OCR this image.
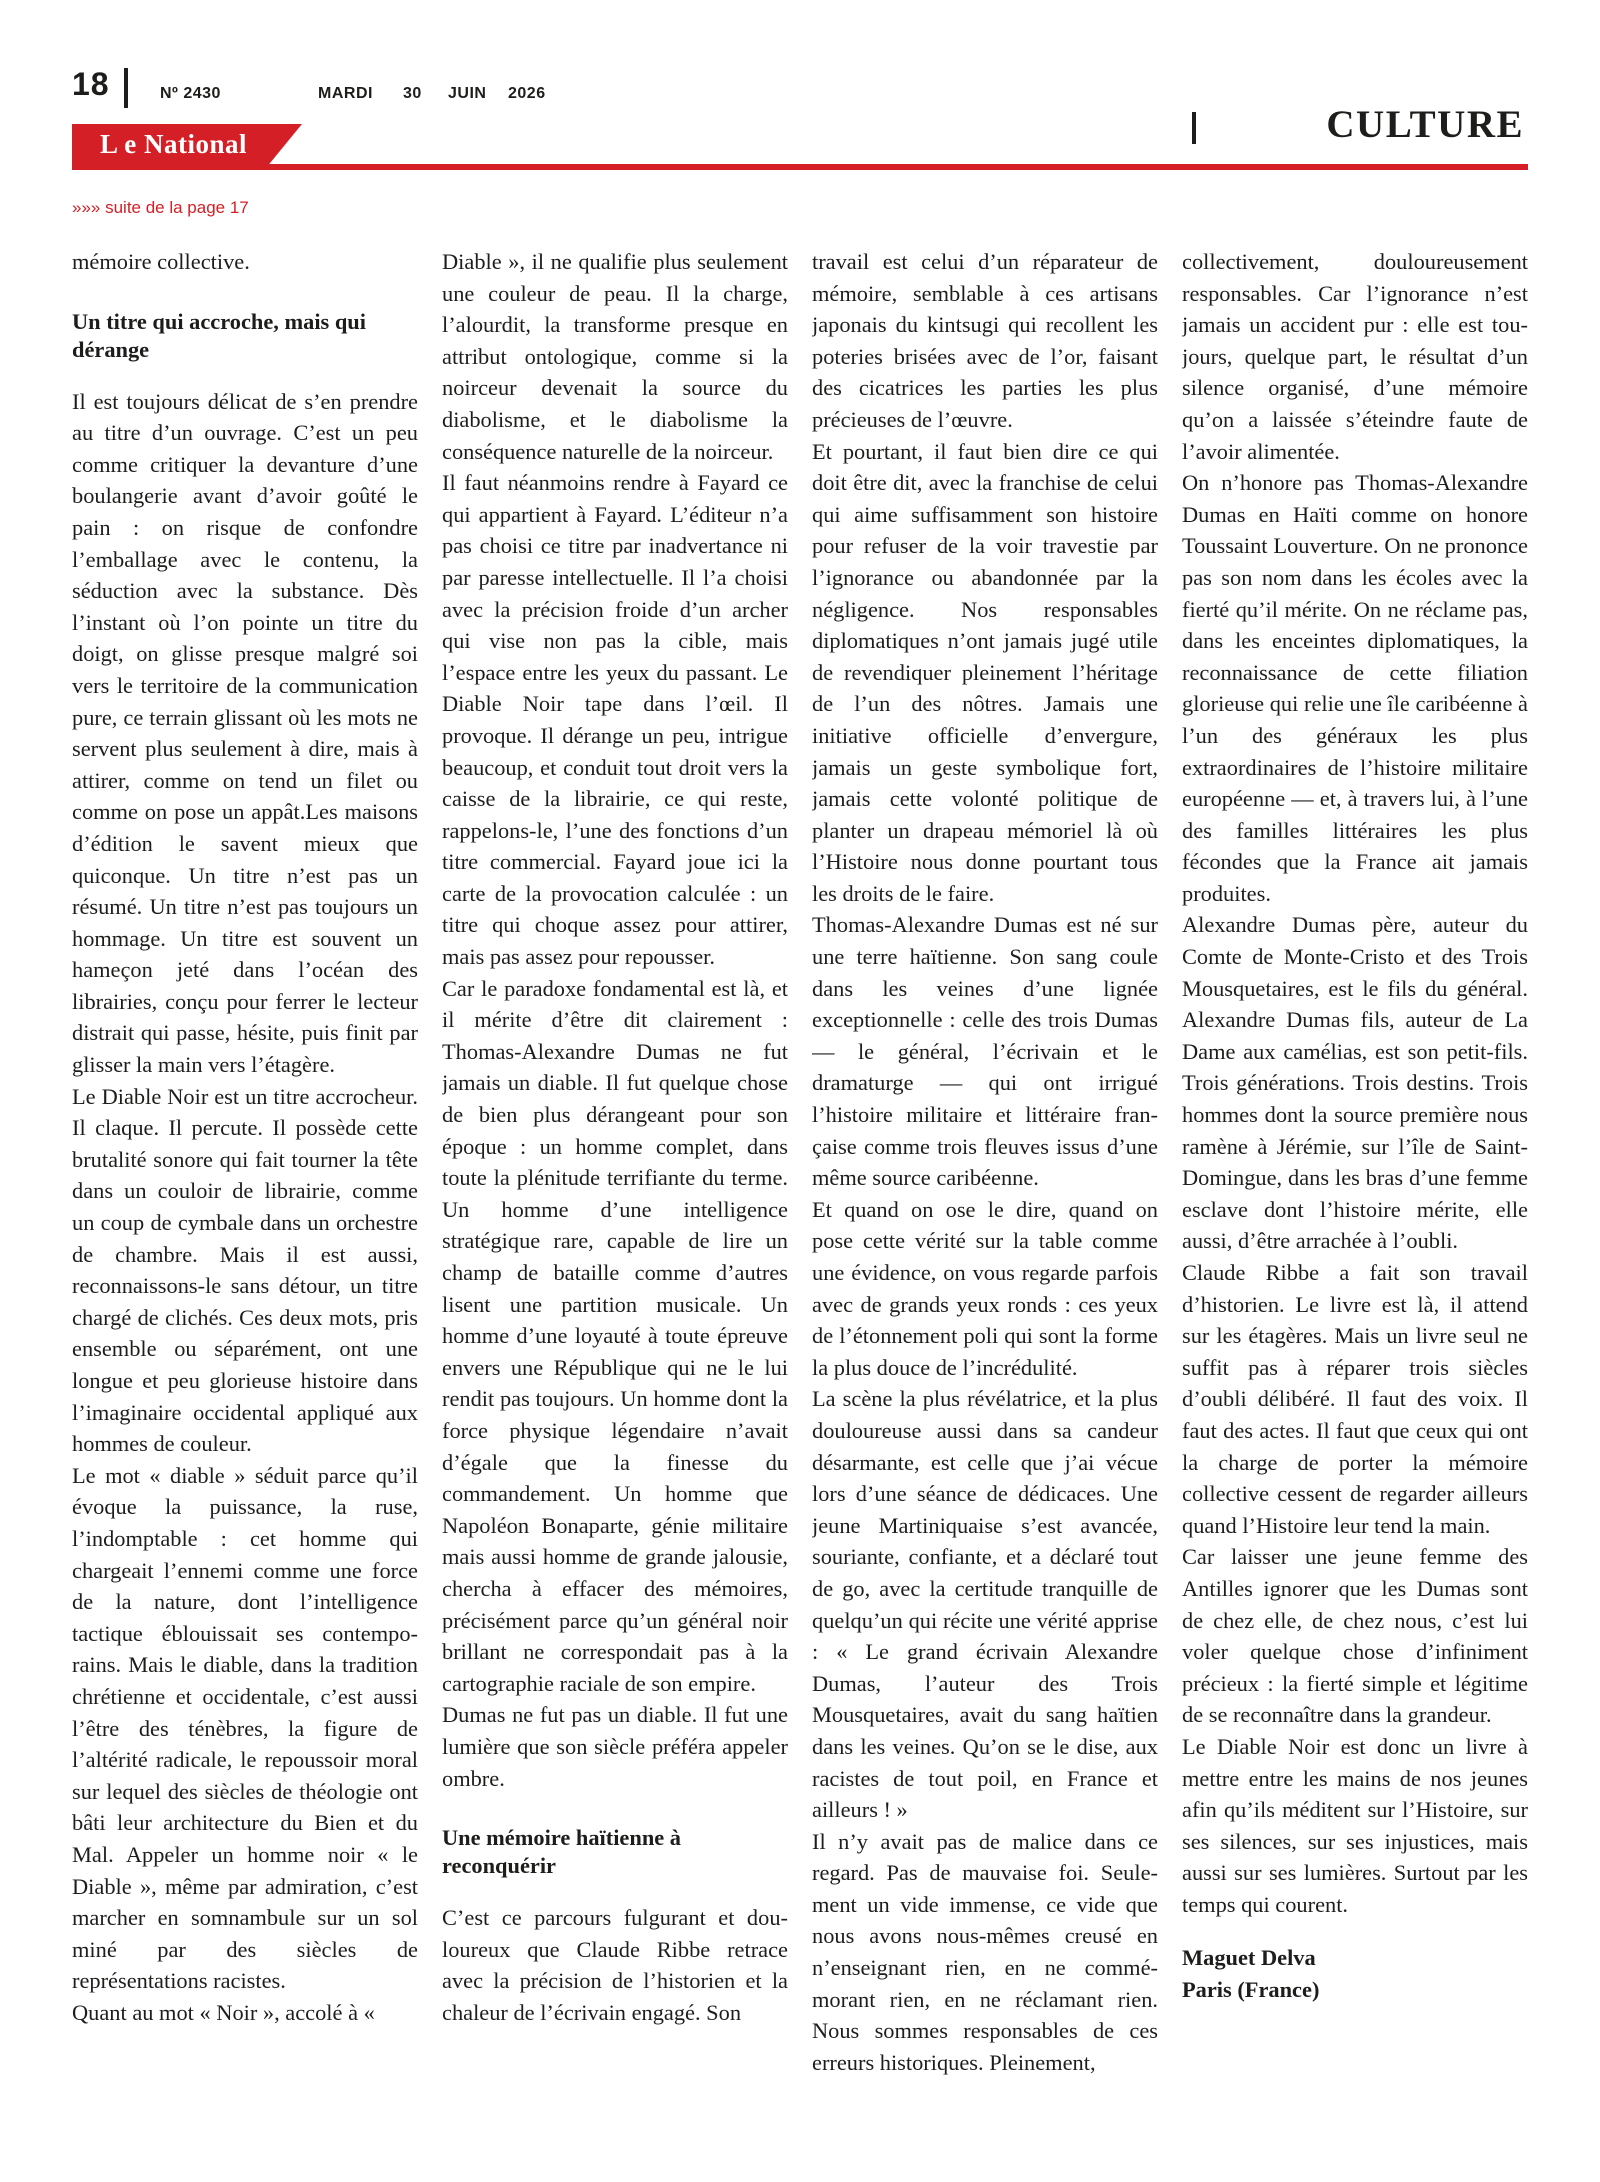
18	Nº 2430	MARDI 30 JUIN 2026
CULTURE
L e National
»»» suite de la page 17

mémoire collective.

Un titre qui accroche, mais qui dérange

Il est toujours délicat de s’en prendre au titre d’un ouvrage. C’est un peu comme critiquer la devanture d’une boulangerie avant d’avoir goûté le pain : on risque de confondre l’emballage avec le contenu, la séduction avec la substance. Dès l’instant où l’on pointe un titre du doigt, on glisse presque malgré soi vers le territoire de la communication pure, ce terrain glissant où les mots ne servent plus seulement à dire, mais à attirer, comme on tend un filet ou comme on pose un appât.Les maisons d’édition le savent mieux que quiconque. Un titre n’est pas un résumé. Un titre n’est pas toujours un hommage. Un titre est souvent un hameçon jeté dans l’océan des librairies, conçu pour ferrer le lecteur distrait qui passe, hésite, puis finit par glisser la main vers l’étagère.

Le Diable Noir est un titre accrocheur. Il claque. Il percute. Il possède cette brutalité sonore qui fait tourner la tête dans un couloir de librairie, comme un coup de cymbale dans un orchestre de chambre. Mais il est aussi, reconnaissons-le sans détour, un titre chargé de clichés. Ces deux mots, pris ensemble ou séparément, ont une longue et peu glorieuse histoire dans l’imaginaire occidental appliqué aux hommes de couleur.

Le mot « diable » séduit parce qu’il évoque la puissance, la ruse, l’indomptable : cet homme qui chargeait l’ennemi comme une force de la nature, dont l’intelligence tactique éblouissait ses contemporains. Mais le diable, dans la tradition chrétienne et occidentale, c’est aussi l’être des ténèbres, la figure de l’altérité radicale, le repoussoir moral sur lequel des siècles de théologie ont bâti leur architecture du Bien et du Mal. Appeler un homme noir « le Diable », même par admiration, c’est marcher en somnambule sur un sol miné par des siècles de représentations racistes.

Quant au mot « Noir », accolé à «

Diable », il ne qualifie plus seulement une couleur de peau. Il la charge, l’alourdit, la transforme presque en attribut ontologique, comme si la noirceur devenait la source du diabolisme, et le diabolisme la conséquence naturelle de la noirceur.

Il faut néanmoins rendre à Fayard ce qui appartient à Fayard. L’éditeur n’a pas choisi ce titre par inadvertance ni par paresse intellectuelle. Il l’a choisi avec la précision froide d’un archer qui vise non pas la cible, mais l’espace entre les yeux du passant. Le Diable Noir tape dans l’œil. Il provoque. Il dérange un peu, intrigue beaucoup, et conduit tout droit vers la caisse de la librairie, ce qui reste, rappelons-le, l’une des fonctions d’un titre commercial. Fayard joue ici la carte de la provocation calculée : un titre qui choque assez pour attirer, mais pas assez pour repousser.

Car le paradoxe fondamental est là, et il mérite d’être dit clairement : Thomas-Alexandre Dumas ne fut jamais un diable. Il fut quelque chose de bien plus dérangeant pour son époque : un homme complet, dans toute la plénitude terrifiante du terme. Un homme d’une intelligence stratégique rare, capable de lire un champ de bataille comme d’autres lisent une partition musicale. Un homme d’une loyauté à toute épreuve envers une République qui ne le lui rendit pas toujours. Un homme dont la force physique légendaire n’avait d’égale que la finesse du commandement. Un homme que Napoléon Bonaparte, génie militaire mais aussi homme de grande jalousie, chercha à effacer des mémoires, précisément parce qu’un général noir brillant ne correspondait pas à la cartographie raciale de son empire.

Dumas ne fut pas un diable. Il fut une lumière que son siècle préféra appeler ombre.

Une mémoire haïtienne à reconquérir

C’est ce parcours fulgurant et douloureux que Claude Ribbe retrace avec la précision de l’historien et la chaleur de l’écrivain engagé. Son

travail est celui d’un réparateur de mémoire, semblable à ces artisans japonais du kintsugi qui recollent les poteries brisées avec de l’or, faisant des cicatrices les parties les plus précieuses de l’œuvre.

Et pourtant, il faut bien dire ce qui doit être dit, avec la franchise de celui qui aime suffisamment son histoire pour refuser de la voir travestie par l’ignorance ou abandonnée par la négligence. Nos responsables diplomatiques n’ont jamais jugé utile de revendiquer pleinement l’héritage de l’un des nôtres. Jamais une initiative officielle d’envergure, jamais un geste symbolique fort, jamais cette volonté politique de planter un drapeau mémoriel là où l’Histoire nous donne pourtant tous les droits de le faire.

Thomas-Alexandre Dumas est né sur une terre haïtienne. Son sang coule dans les veines d’une lignée exceptionnelle : celle des trois Dumas — le général, l’écrivain et le dramaturge — qui ont irrigué l’histoire militaire et littéraire française comme trois fleuves issus d’une même source caribéenne.

Et quand on ose le dire, quand on pose cette vérité sur la table comme une évidence, on vous regarde parfois avec de grands yeux ronds : ces yeux de l’étonnement poli qui sont la forme la plus douce de l’incrédulité.

La scène la plus révélatrice, et la plus douloureuse aussi dans sa candeur désarmante, est celle que j’ai vécue lors d’une séance de dédicaces. Une jeune Martiniquaise s’est avancée, souriante, confiante, et a déclaré tout de go, avec la certitude tranquille de quelqu’un qui récite une vérité apprise : « Le grand écrivain Alexandre Dumas, l’auteur des Trois Mousquetaires, avait du sang haïtien dans les veines. Qu’on se le dise, aux racistes de tout poil, en France et ailleurs ! »

Il n’y avait pas de malice dans ce regard. Pas de mauvaise foi. Seulement un vide immense, ce vide que nous avons nous-mêmes creusé en n’enseignant rien, en ne commémorant rien, en ne réclamant rien. Nous sommes responsables de ces erreurs historiques. Pleinement,

collectivement, douloureusement responsables. Car l’ignorance n’est jamais un accident pur : elle est toujours, quelque part, le résultat d’un silence organisé, d’une mémoire qu’on a laissée s’éteindre faute de l’avoir alimentée.

On n’honore pas Thomas-Alexandre Dumas en Haïti comme on honore Toussaint Louverture. On ne prononce pas son nom dans les écoles avec la fierté qu’il mérite. On ne réclame pas, dans les enceintes diplomatiques, la reconnaissance de cette filiation glorieuse qui relie une île caribéenne à l’un des généraux les plus extraordinaires de l’histoire militaire européenne — et, à travers lui, à l’une des familles littéraires les plus fécondes que la France ait jamais produites.

Alexandre Dumas père, auteur du Comte de Monte-Cristo et des Trois Mousquetaires, est le fils du général. Alexandre Dumas fils, auteur de La Dame aux camélias, est son petit-fils. Trois générations. Trois destins. Trois hommes dont la source première nous ramène à Jérémie, sur l’île de Saint-Domingue, dans les bras d’une femme esclave dont l’histoire mérite, elle aussi, d’être arrachée à l’oubli.

Claude Ribbe a fait son travail d’historien. Le livre est là, il attend sur les étagères. Mais un livre seul ne suffit pas à réparer trois siècles d’oubli délibéré. Il faut des voix. Il faut des actes. Il faut que ceux qui ont la charge de porter la mémoire collective cessent de regarder ailleurs quand l’Histoire leur tend la main.

Car laisser une jeune femme des Antilles ignorer que les Dumas sont de chez elle, de chez nous, c’est lui voler quelque chose d’infiniment précieux : la fierté simple et légitime de se reconnaître dans la grandeur.

Le Diable Noir est donc un livre à mettre entre les mains de nos jeunes afin qu’ils méditent sur l’Histoire, sur ses silences, sur ses injustices, mais aussi sur ses lumières. Surtout par les temps qui courent.

Maguet Delva

Paris (France)
